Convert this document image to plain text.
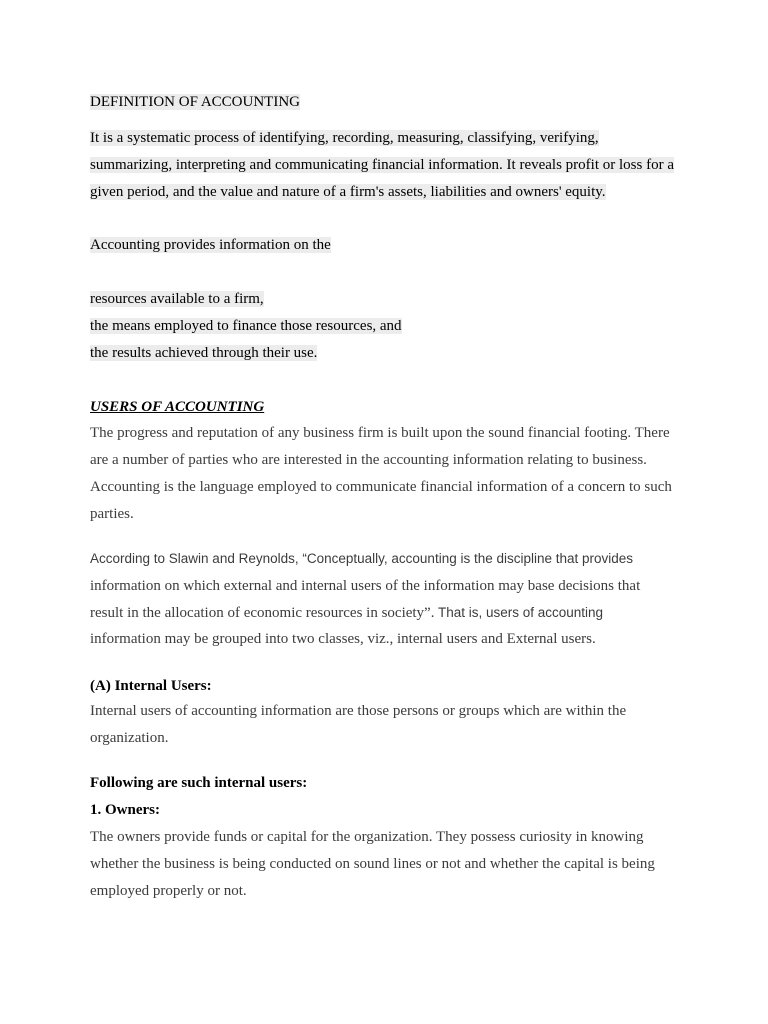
DEFINITION OF ACCOUNTING
It is a systematic process of identifying, recording, measuring, classifying, verifying,
summarizing, interpreting and communicating financial information. It reveals profit or loss for a
given period, and the value and nature of a firm's assets, liabilities and owners' equity.
Accounting provides information on the
resources available to a firm,
the means employed to finance those resources, and
the results achieved through their use.
USERS OF ACCOUNTING
The progress and reputation of any business firm is built upon the sound financial footing. There
are a number of parties who are interested in the accounting information relating to business.
Accounting is the language employed to communicate financial information of a concern to such
parties.
According to Slawin and Reynolds, “Conceptually, accounting is the discipline that provides
information on which external and internal users of the information may base decisions that
result in the allocation of economic resources in society”. That is, users of accounting
information may be grouped into two classes, viz., internal users and External users.
(A) Internal Users:
Internal users of accounting information are those persons or groups which are within the
organization.
Following are such internal users:
1. Owners:
The owners provide funds or capital for the organization. They possess curiosity in knowing
whether the business is being conducted on sound lines or not and whether the capital is being
employed properly or not.
